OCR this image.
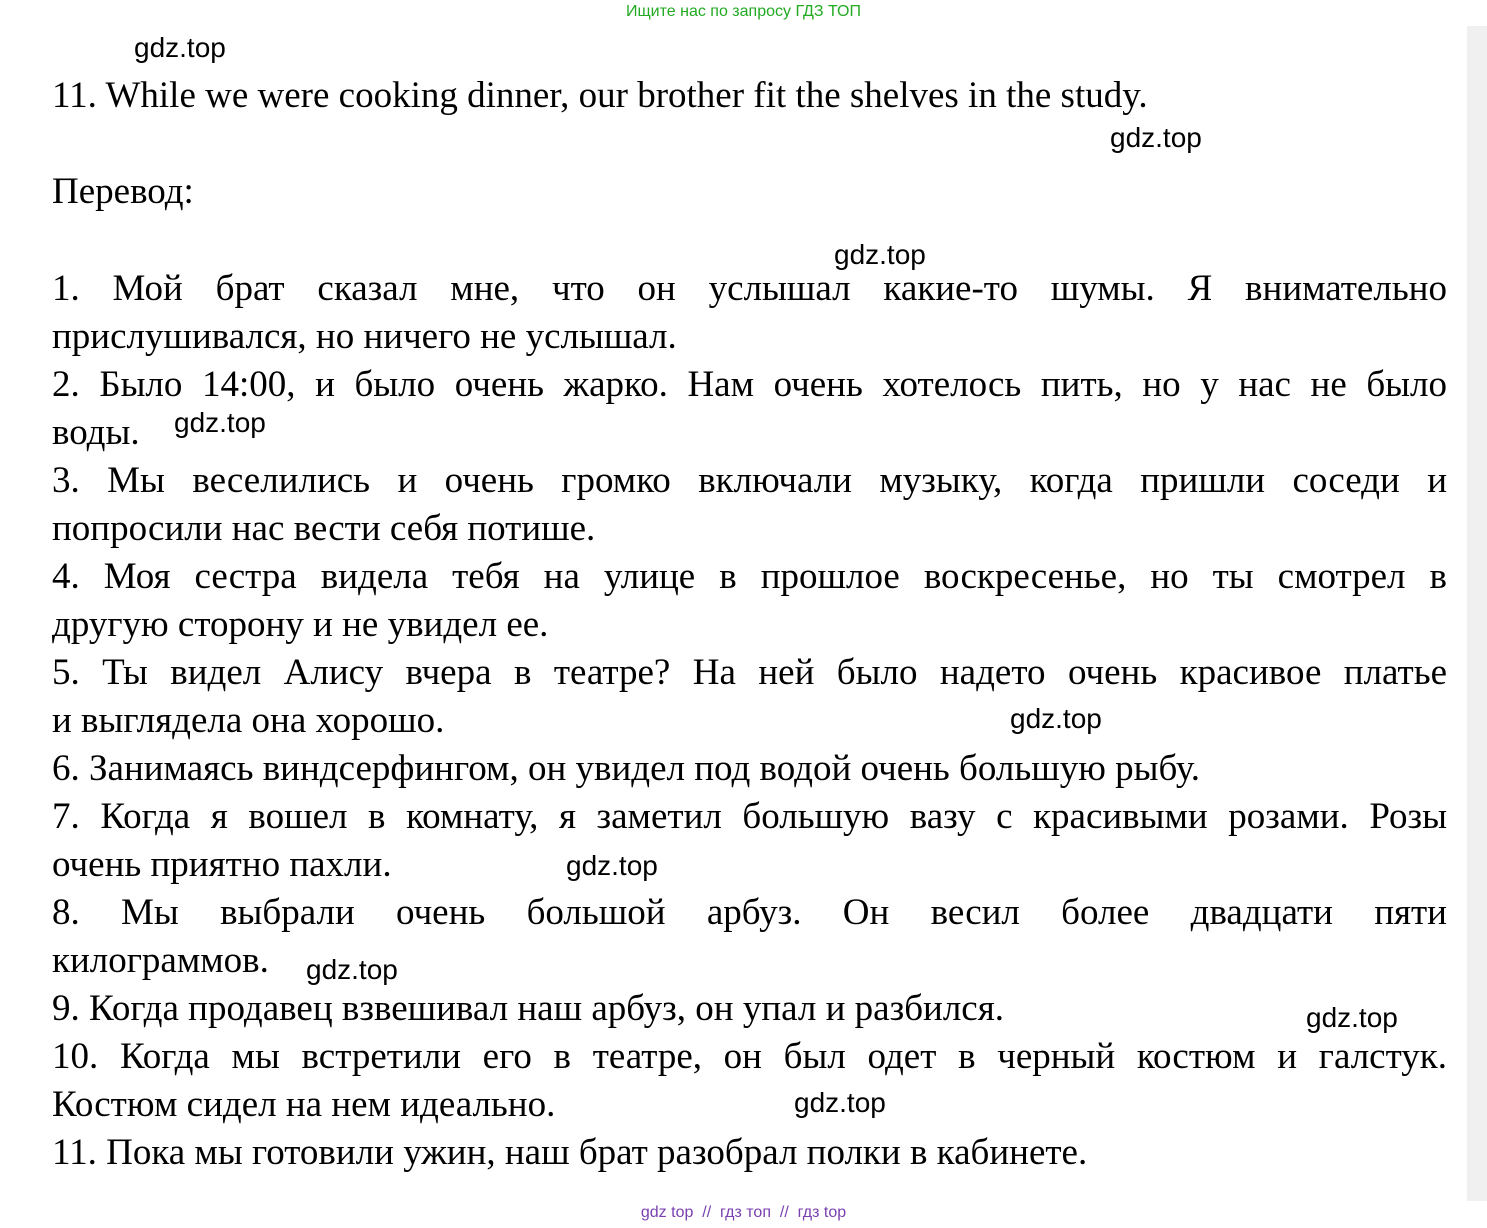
Ищите нас по запросу ГДЗ ТОП
11. While we were cooking dinner, our brother fit the shelves in the study.
Перевод:
1. Мой брат сказал мне, что он услышал какие-то шумы. Я внимательно
прислушивался, но ничего не услышал.
2. Было 14:00, и было очень жарко. Нам очень хотелось пить, но у нас не было
воды.
3. Мы веселились и очень громко включали музыку, когда пришли соседи и
попросили нас вести себя потише.
4. Моя сестра видела тебя на улице в прошлое воскресенье, но ты смотрел в
другую сторону и не увидел ее.
5. Ты видел Алису вчера в театре? На ней было надето очень красивое платье
и выглядела она хорошо.
6. Занимаясь виндсерфингом, он увидел под водой очень большую рыбу.
7. Когда я вошел в комнату, я заметил большую вазу с красивыми розами. Розы
очень приятно пахли.
8. Мы выбрали очень большой арбуз. Он весил более двадцати пяти
килограммов.
9. Когда продавец взвешивал наш арбуз, он упал и разбился.
10. Когда мы встретили его в театре, он был одет в черный костюм и галстук.
Костюм сидел на нем идеально.
11. Пока мы готовили ужин, наш брат разобрал полки в кабинете.
gdz.top
gdz.top
gdz.top
gdz.top
gdz.top
gdz.top
gdz.top
gdz.top
gdz.top
gdz top  //  гдз топ  //  гдз top
